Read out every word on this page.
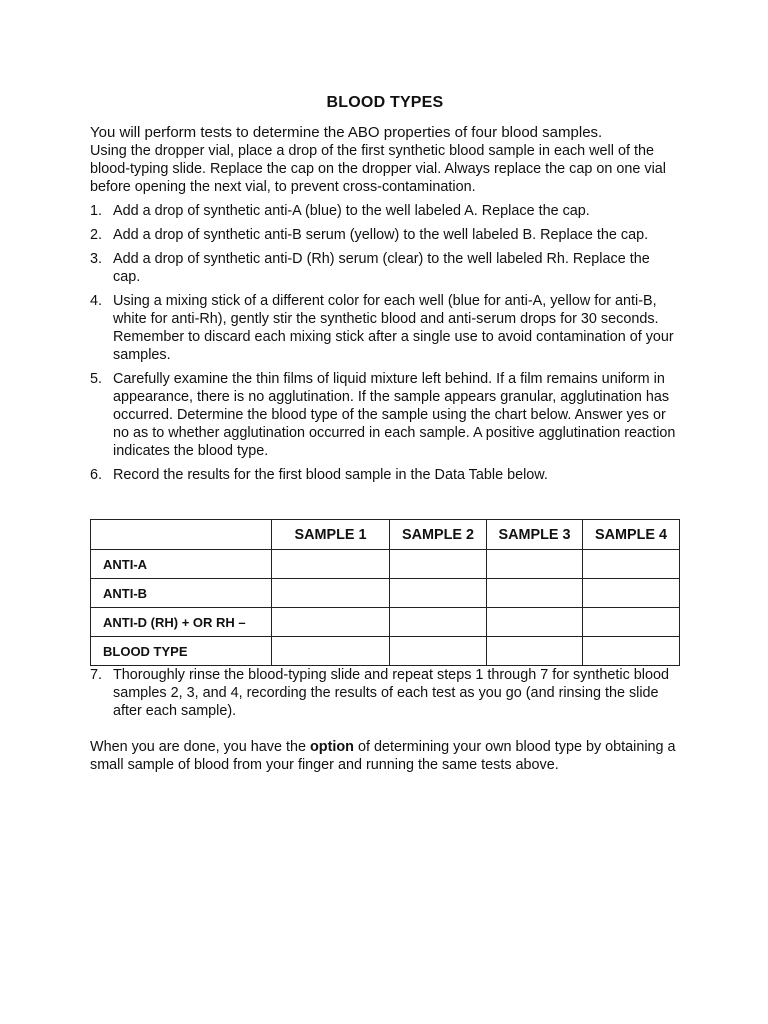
BLOOD TYPES
You will perform tests to determine the ABO properties of four blood samples.
Using the dropper vial, place a drop of the first synthetic blood sample in each well of the blood-typing slide. Replace the cap on the dropper vial. Always replace the cap on one vial before opening the next vial, to prevent cross-contamination.
1. Add a drop of synthetic anti-A (blue) to the well labeled A. Replace the cap.
2. Add a drop of synthetic anti-B serum (yellow) to the well labeled B. Replace the cap.
3. Add a drop of synthetic anti-D (Rh) serum (clear) to the well labeled Rh. Replace the cap.
4. Using a mixing stick of a different color for each well (blue for anti-A, yellow for anti-B, white for anti-Rh), gently stir the synthetic blood and anti-serum drops for 30 seconds. Remember to discard each mixing stick after a single use to avoid contamination of your samples.
5. Carefully examine the thin films of liquid mixture left behind. If a film remains uniform in appearance, there is no agglutination. If the sample appears granular, agglutination has occurred. Determine the blood type of the sample using the chart below. Answer yes or no as to whether agglutination occurred in each sample. A positive agglutination reaction indicates the blood type.
6. Record the results for the first blood sample in the Data Table below.
	SAMPLE 1	SAMPLE 2	SAMPLE 3	SAMPLE 4
ANTI-A				
ANTI-B				
ANTI-D (RH) + OR RH –				
BLOOD TYPE				
7. Thoroughly rinse the blood-typing slide and repeat steps 1 through 7 for synthetic blood samples 2, 3, and 4, recording the results of each test as you go (and rinsing the slide after each sample).
When you are done, you have the option of determining your own blood type by obtaining a small sample of blood from your finger and running the same tests above.
